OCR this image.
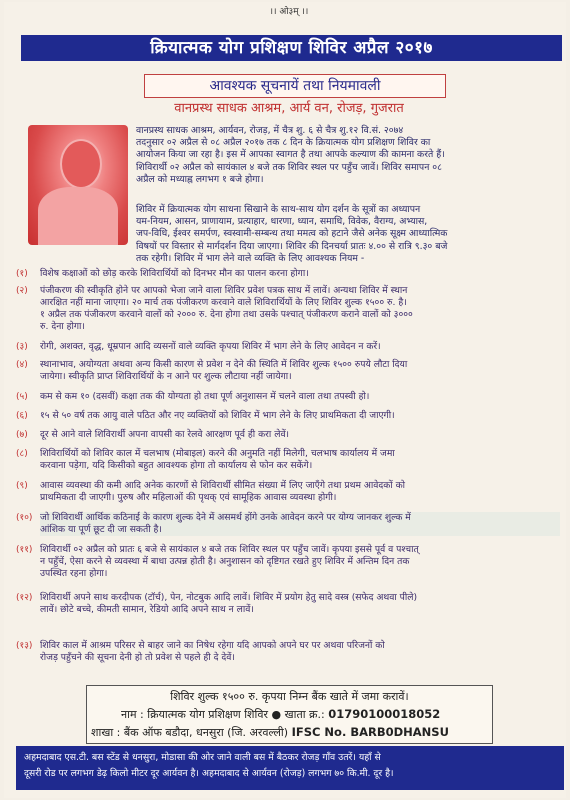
।। ओ३म् ।।
क्रियात्मक योग प्रशिक्षण शिविर अप्रैल २०१७
आवश्यक सूचनायें तथा नियमावली
वानप्रस्थ साधक आश्रम, आर्य वन, रोजड़, गुजरात
वानप्रस्थ साधक आश्रम, आर्यवन, रोजड़, में चैत्र शु. ६ से चैत्र शु.१२ वि.सं. २०७४
तदनुसार ०२ अप्रैल से ०८ अप्रैल २०१७ तक ८ दिन के क्रियात्मक योग प्रशिक्षण शिविर का
आयोजन किया जा रहा है। इस में आपका स्वागत है तथा आपके कल्याण की कामना करते हैं।
शिविरार्थी ०२ अप्रैल को सायंकाल ४ बजे तक शिविर स्थल पर पहुँच जावें। शिविर समापन ०८
अप्रैल को मध्याह्न लगभग १ बजे होगा।
शिविर में क्रियात्मक योग साधना सिखाने के साथ-साथ योग दर्शन के सूत्रों का अध्यापन
यम-नियम, आसन, प्राणायाम, प्रत्याहार, धारणा, ध्यान, समाधि, विवेक, वैराग्य, अभ्यास,
जप-विधि, ईश्वर समर्पण, स्वस्वामी-सम्बन्ध तथा ममत्व को हटाने जैसे अनेक सूक्ष्म आध्यात्मिक
विषयों पर विस्तार से मार्गदर्शन दिया जाएगा। शिविर की दिनचर्या प्रातः ४.०० से रात्रि ९.३० बजे
तक रहेगी। शिविर में भाग लेने वाले व्यक्ति के लिए आवश्यक नियम -
(१) विशेष कक्षाओं को छोड़ करके शिविरार्थियों को दिनभर मौन का पालन करना होगा।
(२) पंजीकरण की स्वीकृति होने पर आपको भेजा जाने वाला शिविर प्रवेश पत्रक साथ में लावें। अन्यथा शिविर में स्थान
आरक्षित नहीं माना जाएगा। २० मार्च तक पंजीकरण करवाने वाले शिविरार्थियों के लिए शिविर शुल्क १५०० रु. है।
१ अप्रैल तक पंजीकरण करवाने वालों को २००० रु. देना होगा तथा उसके पश्चात् पंजीकरण कराने वालों को ३०००
रु. देना होगा।
(३) रोगी, अशक्त, वृद्ध, धूम्रपान आदि व्यसनों वाले व्यक्ति कृपया शिविर में भाग लेने के लिए आवेदन न करें।
(४) स्थानाभाव, अयोग्यता अथवा अन्य किसी कारण से प्रवेश न देने की स्थिति में शिविर शुल्क १५०० रुपये लौटा दिया
जायेगा। स्वीकृति प्राप्त शिविरार्थियों के न आने पर शुल्क लौटाया नहीं जायेगा।
(५) कम से कम १० (दसवीं) कक्षा तक की योग्यता हो तथा पूर्ण अनुशासन में चलने वाला तथा तपस्वी हो।
(६) १५ से ५० वर्ष तक आयु वाले पठित और नए व्यक्तियों को शिविर में भाग लेने के लिए प्राथमिकता दी जाएगी।
(७) दूर से आने वाले शिविरार्थी अपना वापसी का रेलवे आरक्षण पूर्व ही करा लेवें।
(८) शिविरार्थियों को शिविर काल में चलभाष (मोबाइल) करने की अनुमति नहीं मिलेगी, चलभाष कार्यालय में जमा
करवाना पड़ेगा, यदि किसीको बहुत आवश्यक होगा तो कार्यालय से फोन कर सकेंगे।
(९) आवास व्यवस्था की कमी आदि अनेक कारणों से शिविरार्थी सीमित संख्या में लिए जाएँगे तथा प्रथम आवेदकों को
प्राथमिकता दी जाएगी। पुरुष और महिलाओं की पृथक् एवं सामूहिक आवास व्यवस्था होगी।
(१०) जो शिविरार्थी आर्थिक कठिनाई के कारण शुल्क देने में असमर्थ होंगे उनके आवेदन करने पर योग्य जानकर शुल्क में
आंशिक या पूर्ण छूट दी जा सकती है।
(११) शिविरार्थी ०२ अप्रैल को प्रातः ६ बजे से सायंकाल ४ बजे तक शिविर स्थल पर पहुँच जावें। कृपया इससे पूर्व व पश्चात्
न पहुँचें, ऐसा करने से व्यवस्था में बाधा उत्पन्न होती है। अनुशासन को दृष्टिगत रखते हुए शिविर में अन्तिम दिन तक
उपस्थित रहना होगा।
(१२) शिविरार्थी अपने साथ करदीपक (टॉर्च), पेन, नोटबुक आदि लावें। शिविर में प्रयोग हेतु सादे वस्त्र (सफेद अथवा पीले)
लावें। छोटे बच्चे, कीमती सामान, रेडियो आदि अपने साथ न लावें।
(१३) शिविर काल में आश्रम परिसर से बाहर जाने का निषेध रहेगा यदि आपको अपने घर पर अथवा परिजनों को
रोजड़ पहुँचने की सूचना देनी हो तो प्रवेश से पहले ही दे देवें।
शिविर शुल्क १५०० रु. कृपया निम्न बैंक खाते में जमा करावें।
नाम : क्रियात्मक योग प्रशिक्षण शिविर ● खाता क्र.: 01790100018052
शाखा : बैंक ऑफ बडौदा, धनसुरा (जि. अरवल्ली) IFSC No. BARB0DHANSU
अहमदाबाद एस.टी. बस स्टेंड से धनसुरा, मोडासा की ओर जाने वाली बस में बैठकर रोजड़ गाँव उतरें। यहाँ से
दूसरी रोड पर लगभग डेढ़ किलो मीटर दूर आर्यवन है। अहमदाबाद से आर्यवन (रोजड़) लगभग ७० कि.मी. दूर है।
